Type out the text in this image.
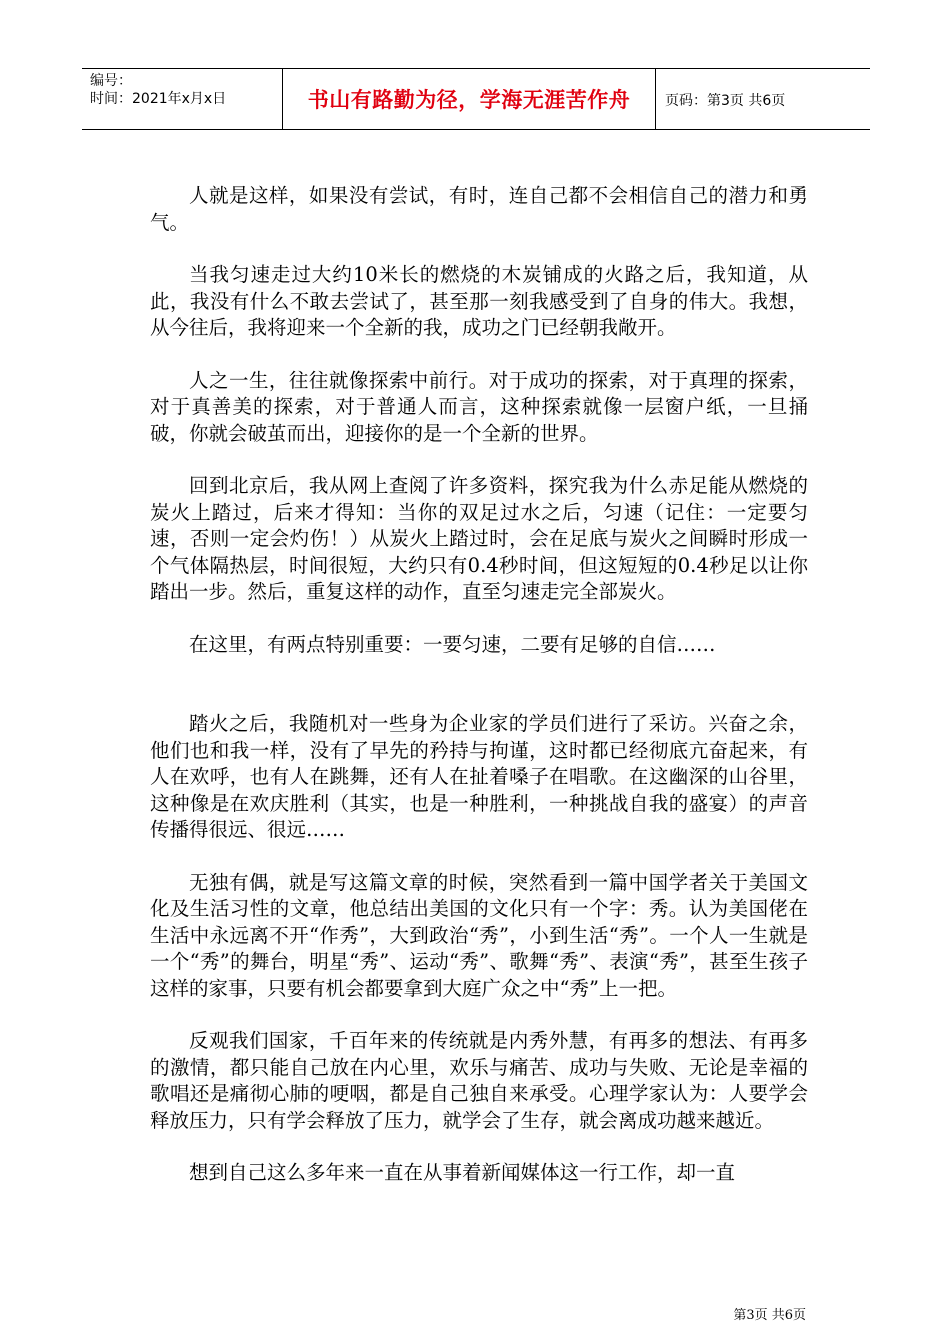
编号：
时间：2021年x月x日	书山有路勤为径，学海无涯苦作舟	页码：第3页 共6页

人就是这样，如果没有尝试，有时，连自己都不会相信自己的潜力和勇气。

当我匀速走过大约10米长的燃烧的木炭铺成的火路之后，我知道，从此，我没有什么不敢去尝试了，甚至那一刻我感受到了自身的伟大。我想，从今往后，我将迎来一个全新的我，成功之门已经朝我敞开。

人之一生，往往就像探索中前行。对于成功的探索，对于真理的探索，对于真善美的探索，对于普通人而言，这种探索就像一层窗户纸，一旦捅破，你就会破茧而出，迎接你的是一个全新的世界。

回到北京后，我从网上查阅了许多资料，探究我为什么赤足能从燃烧的炭火上踏过，后来才得知：当你的双足过水之后，匀速（记住：一定要匀速，否则一定会灼伤！）从炭火上踏过时，会在足底与炭火之间瞬时形成一个气体隔热层，时间很短，大约只有0.4秒时间，但这短短的0.4秒足以让你踏出一步。然后，重复这样的动作，直至匀速走完全部炭火。

在这里，有两点特别重要：一要匀速，二要有足够的自信……

踏火之后，我随机对一些身为企业家的学员们进行了采访。兴奋之余，他们也和我一样，没有了早先的矜持与拘谨，这时都已经彻底亢奋起来，有人在欢呼，也有人在跳舞，还有人在扯着嗓子在唱歌。在这幽深的山谷里，这种像是在欢庆胜利（其实，也是一种胜利，一种挑战自我的盛宴）的声音传播得很远、很远……

无独有偶，就是写这篇文章的时候，突然看到一篇中国学者关于美国文化及生活习性的文章，他总结出美国的文化只有一个字：秀。认为美国佬在生活中永远离不开“作秀”，大到政治“秀”，小到生活“秀”。一个人一生就是一个“秀”的舞台，明星“秀”、运动“秀”、歌舞“秀”、表演“秀”，甚至生孩子这样的家事，只要有机会都要拿到大庭广众之中“秀”上一把。

反观我们国家，千百年来的传统就是内秀外慧，有再多的想法、有再多的激情，都只能自己放在内心里，欢乐与痛苦、成功与失败、无论是幸福的歌唱还是痛彻心肺的哽咽，都是自己独自来承受。心理学家认为：人要学会释放压力，只有学会释放了压力，就学会了生存，就会离成功越来越近。

想到自己这么多年来一直在从事着新闻媒体这一行工作，却一直

第3页 共6页
